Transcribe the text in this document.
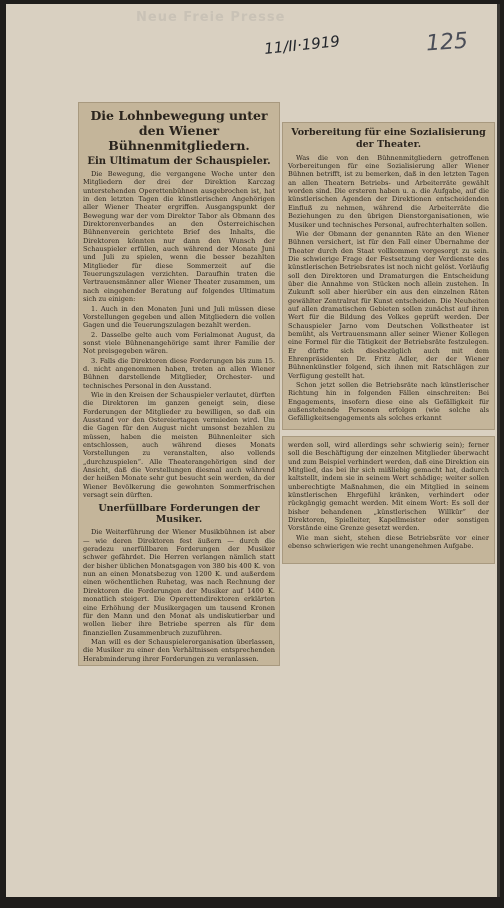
Neue Freie Presse
11/II·1919	125
Die Lohnbewegung unter den Wiener Bühnenmitgliedern.
Ein Ultimatum der Schauspieler.

Die Bewegung, die vergangene Woche unter den Mitgliedern der drei der Direktion Karczag unterstehenden Operettenbühnen ausgebrochen ist, hat in den letzten Tagen die künstlerischen Angehörigen aller Wiener Theater ergriffen. Ausgangspunkt der Bewegung war der vom Direktor Tabor als Obmann des Direktorenverbandes an den Österreichischen Bühnenverein gerichtete Brief des Inhalts, die Direktoren könnten nur dann den Wunsch der Schauspieler erfüllen, auch während der Monate Juni und Juli zu spielen, wenn die besser bezahlten Mitglieder für diese Sommerzeit auf die Teuerungszulagen verzichten. Daraufhin traten die Vertrauensmänner aller Wiener Theater zusammen, um nach eingehender Beratung auf folgendes Ultimatum sich zu einigen:

1. Auch in den Monaten Juni und Juli müssen diese Vorstellungen gegeben und allen Mitgliedern die vollen Gagen und die Teuerungszulagen bezahlt werden.

2. Dasselbe gelte auch vom Ferialmonat August, da sonst viele Bühnenangehörige samt ihrer Familie der Not preisgegeben wären.

3. Falls die Direktoren diese Forderungen bis zum 15. d. nicht angenommen haben, treten an allen Wiener Bühnen darstellende Mitglieder, Orchester- und technisches Personal in den Ausstand.

Wie in den Kreisen der Schauspieler verlautet, dürften die Direktoren im ganzen geneigt sein, diese Forderungen der Mitglieder zu bewilligen, so daß ein Ausstand vor den Ostereiertagen vermieden wird. Um die Gagen für den August nicht umsonst bezahlen zu müssen, haben die meisten Bühnenleiter sich entschlossen, auch während dieses Monats Vorstellungen zu veranstalten, also vollends „durchzuspielen“. Alle Theaterangehörigen sind der Ansicht, daß die Vorstellungen diesmal auch während der heißen Monate sehr gut besucht sein werden, da der Wiener Bevölkerung die gewohnten Sommerfrischen versagt sein dürften.

Unerfüllbare Forderungen der Musiker.

Die Weiterführung der Wiener Musikbühnen ist aber — wie deren Direktoren fest äußern — durch die geradezu unerfüllbaren Forderungen der Musiker schwer gefährdet. Die Herren verlangen nämlich statt der bisher üblichen Monatsgagen von 380 bis 400 K. von nun an einen Monatsbezug von 1200 K. und außerdem einen wöchentlichen Ruhetag, was nach Rechnung der Direktoren die Forderungen der Musiker auf 1400 K. monatlich steigert. Die Operettendirektoren erklärten eine Erhöhung der Musikergagen um tausend Kronen für den Mann und den Monat als undiskutierbar und wollen lieber ihre Betriebe sperren als für dem finanziellen Zusammenbruch zuzuführen.

Man will es der Schauspielerorganisation überlassen, die Musiker zu einer den Verhältnissen entsprechenden Herabminderung ihrer Forderungen zu veranlassen.

Vorbereitung für eine Sozialisierung der Theater.

Was die von den Bühnenmitgliedern getroffenen Vorbereitungen für eine Sozialisierung aller Wiener Bühnen betrifft, ist zu bemerken, daß in den letzten Tagen an allen Theatern Betriebs- und Arbeiterräte gewählt worden sind. Die ersteren haben u. a. die Aufgabe, auf die künstlerischen Agenden der Direktionen entscheidenden Einfluß zu nehmen, während die Arbeiterräte die Beziehungen zu den übrigen Dienstorganisationen, wie Musiker und technisches Personal, aufrechterhalten sollen.

Wie der Obmann der genannten Räte an den Wiener Bühnen versichert, ist für den Fall einer Übernahme der Theater durch den Staat vollkommen vorgesorgt zu sein. Die schwierige Frage der Festsetzung der Verdienste des künstlerischen Betriebsrates ist noch nicht gelöst. Vorläufig soll den Direktoren und Dramaturgen die Entscheidung über die Annahme von Stücken noch allein zustehen. In Zukunft soll aber hierüber ein aus den einzelnen Räten gewählter Zentralrat für Kunst entscheiden. Die Neuheiten auf allen dramatischen Gebieten sollen zunächst auf ihren Wert für die Bildung des Volkes geprüft werden. Der Schauspieler Jarno vom Deutschen Volkstheater ist bemüht, als Vertrauensmann aller seiner Wiener Kollegen eine Formel für die Tätigkeit der Betriebsräte festzulegen. Er dürfte sich diesbezüglich auch mit dem Ehrenpräsidenten Dr. Fritz Adler, der der Wiener Bühnenkünstler folgend, sich ihnen mit Ratschlägen zur Verfügung gestellt hat.

Schon jetzt sollen die Betriebsräte nach künstlerischer Richtung hin in folgenden Fällen einschreiten: Bei Engagements, insofern diese eine als Gefälligkeit für außenstehende Personen erfolgen (wie solche als Gefälligkeitsengagements als solches erkannt

werden soll, wird allerdings sehr schwierig sein); ferner soll die Beschäftigung der einzelnen Mitglieder überwacht und zum Beispiel verhindert werden, daß eine Direktion ein Mitglied, das bei ihr sich mißliebig gemacht hat, dadurch kaltstellt, indem sie in seinem Wert schädige; weiter sollen unberechtigte Maßnahmen, die ein Mitglied in seinem künstlerischen Ehrgefühl kränken, verhindert oder rückgängig gemacht werden. Mit einem Wort: Es soll der bisher behandenen „künstlerischen Willkür“ der Direktoren, Spielleiter, Kapellmeister oder sonstigen Vorstände eine Grenze gesetzt werden.

Wie man sieht, stehen diese Betriebsräte vor einer ebenso schwierigen wie recht unangenehmen Aufgabe.
